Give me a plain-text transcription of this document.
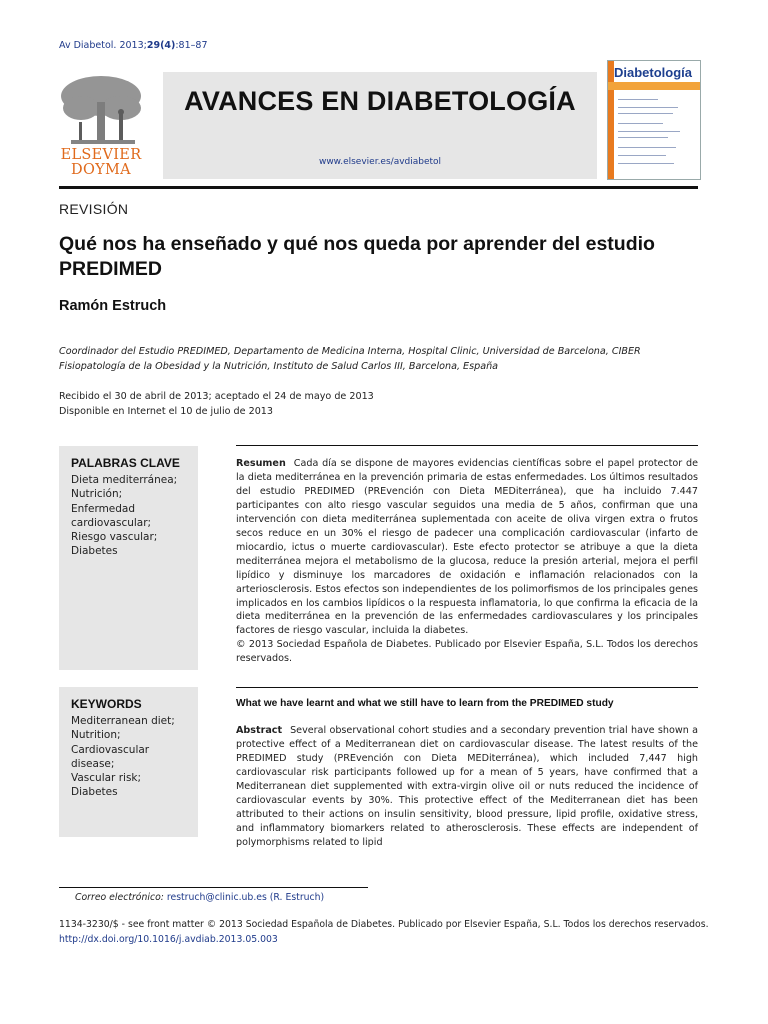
Av Diabetol. 2013;29(4):81–87
ELSEVIER
DOYMA
AVANCES EN DIABETOLOGÍA
www.elsevier.es/avdiabetol
Diabetología
REVISIÓN
Qué nos ha enseñado y qué nos queda por aprender del estudio PREDIMED
Ramón Estruch
Coordinador del Estudio PREDIMED, Departamento de Medicina Interna, Hospital Clinic, Universidad de Barcelona, CIBER Fisiopatología de la Obesidad y la Nutrición, Instituto de Salud Carlos III, Barcelona, España
Recibido el 30 de abril de 2013; aceptado el 24 de mayo de 2013
Disponible en Internet el 10 de julio de 2013
PALABRAS CLAVE
Dieta mediterránea;
Nutrición;
Enfermedad cardiovascular;
Riesgo vascular;
Diabetes
Resumen Cada día se dispone de mayores evidencias científicas sobre el papel protector de la dieta mediterránea en la prevención primaria de estas enfermedades. Los últimos resultados del estudio PREDIMED (PREvención con Dieta MEDiterránea), que ha incluido 7.447 participantes con alto riesgo vascular seguidos una media de 5 años, confirman que una intervención con dieta mediterránea suplementada con aceite de oliva virgen extra o frutos secos reduce en un 30% el riesgo de padecer una complicación cardiovascular (infarto de miocardio, ictus o muerte cardiovascular). Este efecto protector se atribuye a que la dieta mediterránea mejora el metabolismo de la glucosa, reduce la presión arterial, mejora el perfil lipídico y disminuye los marcadores de oxidación e inflamación relacionados con la arteriosclerosis. Estos efectos son independientes de los polimorfismos de los principales genes implicados en los cambios lipídicos o la respuesta inflamatoria, lo que confirma la eficacia de la dieta mediterránea en la prevención de las enfermedades cardiovasculares y los principales factores de riesgo vascular, incluida la diabetes.
© 2013 Sociedad Española de Diabetes. Publicado por Elsevier España, S.L. Todos los derechos reservados.
KEYWORDS
Mediterranean diet;
Nutrition;
Cardiovascular disease;
Vascular risk;
Diabetes
What we have learnt and what we still have to learn from the PREDIMED study
Abstract Several observational cohort studies and a secondary prevention trial have shown a protective effect of a Mediterranean diet on cardiovascular disease. The latest results of the PREDIMED study (PREvención con Dieta MEDiterránea), which included 7,447 high cardiovascular risk participants followed up for a mean of 5 years, have confirmed that a Mediterranean diet supplemented with extra-virgin olive oil or nuts reduced the incidence of cardiovascular events by 30%. This protective effect of the Mediterranean diet has been attributed to their actions on insulin sensitivity, blood pressure, lipid profile, oxidative stress, and inflammatory biomarkers related to atherosclerosis. These effects are independent of polymorphisms related to lipid
Correo electrónico: restruch@clinic.ub.es (R. Estruch)
1134-3230/$ - see front matter © 2013 Sociedad Española de Diabetes. Publicado por Elsevier España, S.L. Todos los derechos reservados.
http://dx.doi.org/10.1016/j.avdiab.2013.05.003
